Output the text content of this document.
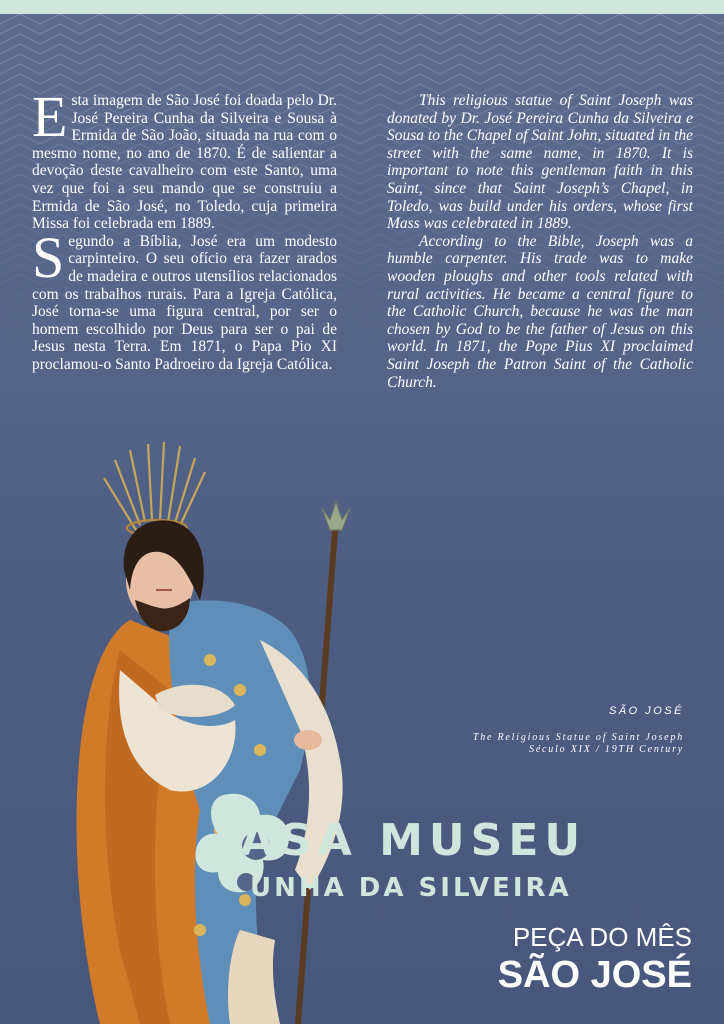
Esta imagem de São José foi doada pelo Dr. José Pereira Cunha da Silveira e Sousa à Ermida de São João, situada na rua com o mesmo nome, no ano de 1870. É de salientar a devoção deste cavalheiro com este Santo, uma vez que foi a seu mando que se construiu a Ermida de São José, no Toledo, cuja primeira Missa foi celebrada em 1889.

Segundo a Bíblia, José era um modesto carpinteiro. O seu ofício era fazer arados de madeira e outros utensílios relacionados com os trabalhos rurais. Para a Igreja Católica, José torna-se uma figura central, por ser o homem escolhido por Deus para ser o pai de Jesus nesta Terra. Em 1871, o Papa Pio XI proclamou-o Santo Padroeiro da Igreja Católica.

This religious statue of Saint Joseph was donated by Dr. José Pereira Cunha da Silveira e Sousa to the Chapel of Saint John, situated in the street with the same name, in 1870. It is important to note this gentleman faith in this Saint, since that Saint Joseph’s Chapel, in Toledo, was build under his orders, whose first Mass was celebrated in 1889.

According to the Bible, Joseph was a humble carpenter. His trade was to make wooden ploughs and other tools related with rural activities. He became a central figure to the Catholic Church, because he was the man chosen by God to be the father of Jesus on this world. In 1871, the Pope Pius XI proclaimed Saint Joseph the Patron Saint of the Catholic Church.

SÃO JOSÉ
The Religious Statue of Saint Joseph
Século XIX / 19TH Century
ASA MUSEU
UNHA DA SILVEIRA
PEÇA DO MÊS
SÃO JOSÉ
